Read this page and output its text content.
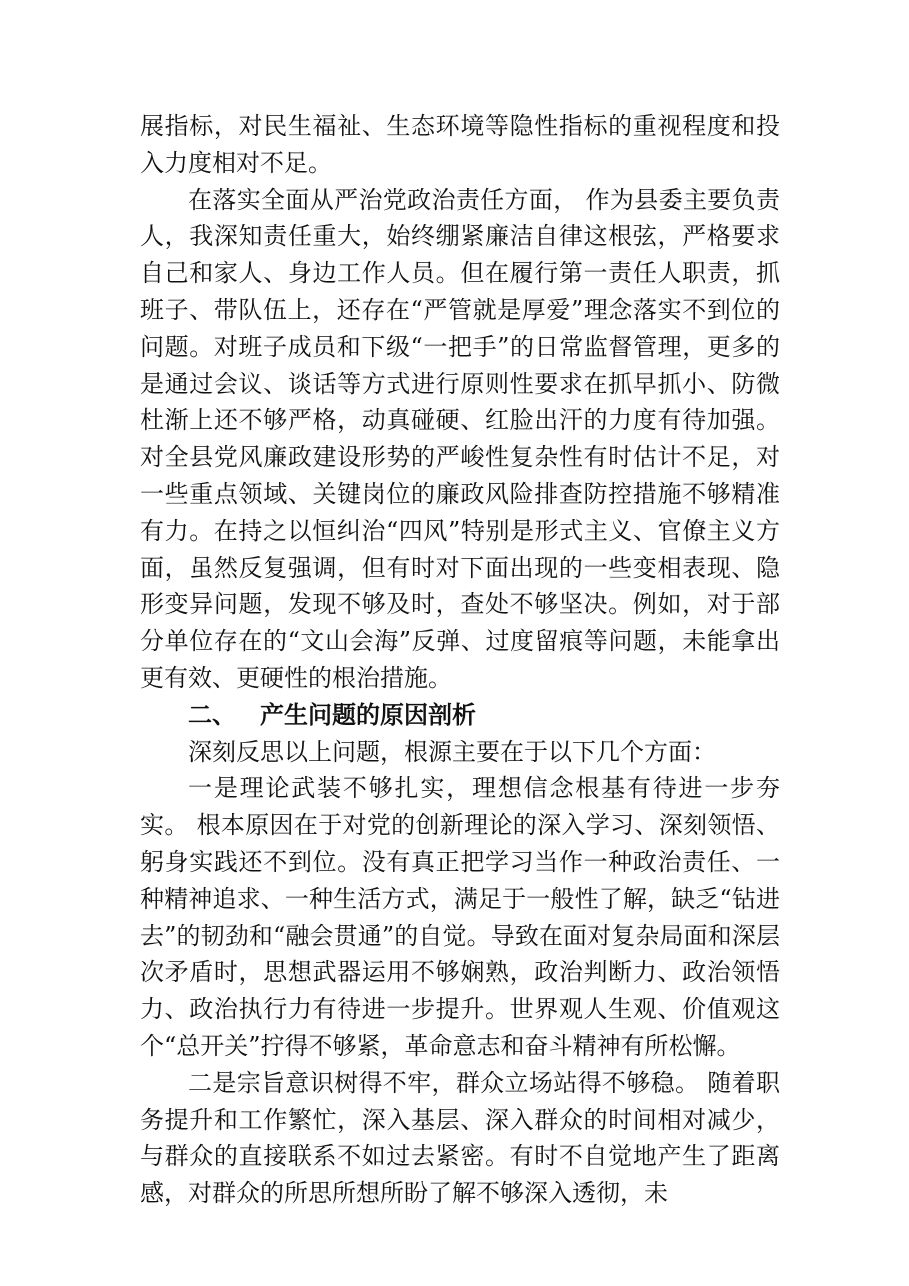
展指标，对民生福祉、生态环境等隐性指标的重视程度和投入力度相对不足。

在落实全面从严治党政治责任方面， 作为县委主要负责人，我深知责任重大，始终绷紧廉洁自律这根弦，严格要求自己和家人、身边工作人员。但在履行第一责任人职责，抓班子、带队伍上，还存在“严管就是厚爱”理念落实不到位的问题。对班子成员和下级“一把手”的日常监督管理，更多的是通过会议、谈话等方式进行原则性要求在抓早抓小、防微杜渐上还不够严格，动真碰硬、红脸出汗的力度有待加强。对全县党风廉政建设形势的严峻性复杂性有时估计不足，对一些重点领域、关键岗位的廉政风险排查防控措施不够精准有力。在持之以恒纠治“四风”特别是形式主义、官僚主义方面，虽然反复强调，但有时对下面出现的一些变相表现、隐形变异问题，发现不够及时，查处不够坚决。例如，对于部分单位存在的“文山会海”反弹、过度留痕等问题，未能拿出更有效、更硬性的根治措施。

二、 产生问题的原因剖析

深刻反思以上问题，根源主要在于以下几个方面：

一是理论武装不够扎实，理想信念根基有待进一步夯实。 根本原因在于对党的创新理论的深入学习、深刻领悟、躬身实践还不到位。没有真正把学习当作一种政治责任、一种精神追求、一种生活方式，满足于一般性了解，缺乏“钻进去”的韧劲和“融会贯通”的自觉。导致在面对复杂局面和深层次矛盾时，思想武器运用不够娴熟，政治判断力、政治领悟力、政治执行力有待进一步提升。世界观人生观、价值观这个“总开关”拧得不够紧，革命意志和奋斗精神有所松懈。

二是宗旨意识树得不牢，群众立场站得不够稳。 随着职务提升和工作繁忙，深入基层、深入群众的时间相对减少，与群众的直接联系不如过去紧密。有时不自觉地产生了距离感，对群众的所思所想所盼了解不够深入透彻，未
